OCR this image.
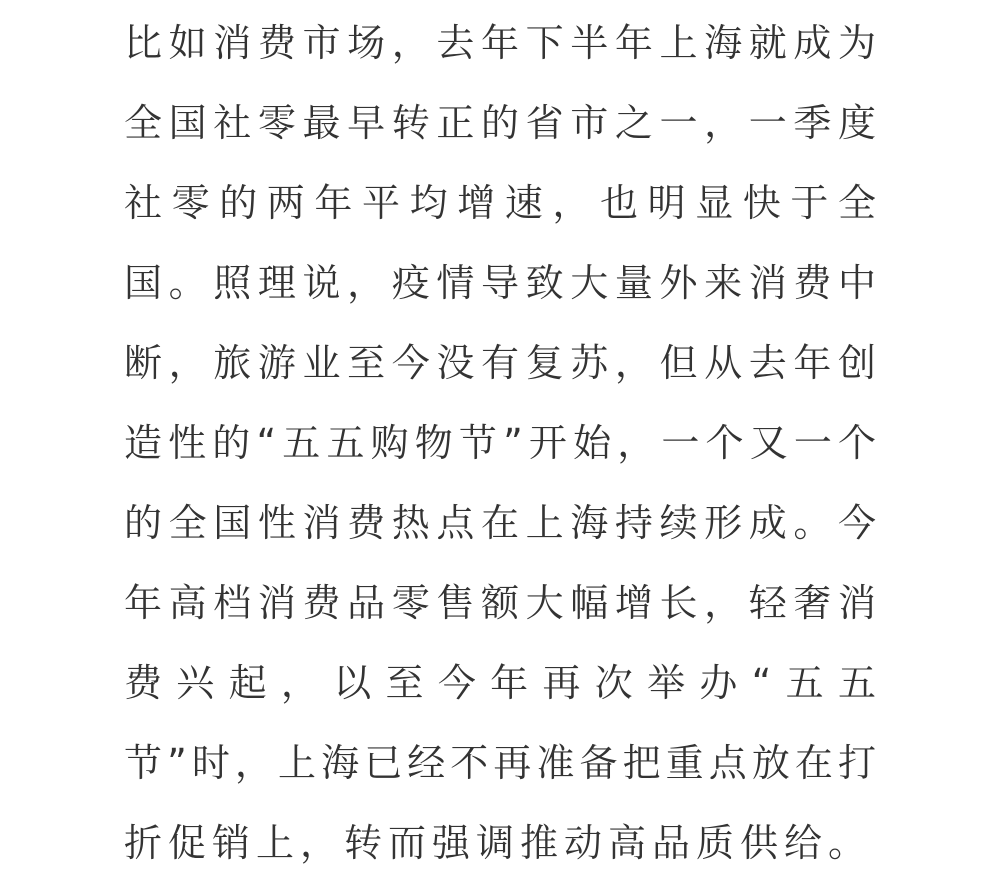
比如消费市场，去年下半年上海就成为
全国社零最早转正的省市之一，一季度
社零的两年平均增速，也明显快于全
国。照理说，疫情导致大量外来消费中
断，旅游业至今没有复苏，但从去年创
造性的“五五购物节”开始，一个又一个
的全国性消费热点在上海持续形成。今
年高档消费品零售额大幅增长，轻奢消
费兴起，以至今年再次举办“五五
节”时，上海已经不再准备把重点放在打
折促销上，转而强调推动高品质供给。
